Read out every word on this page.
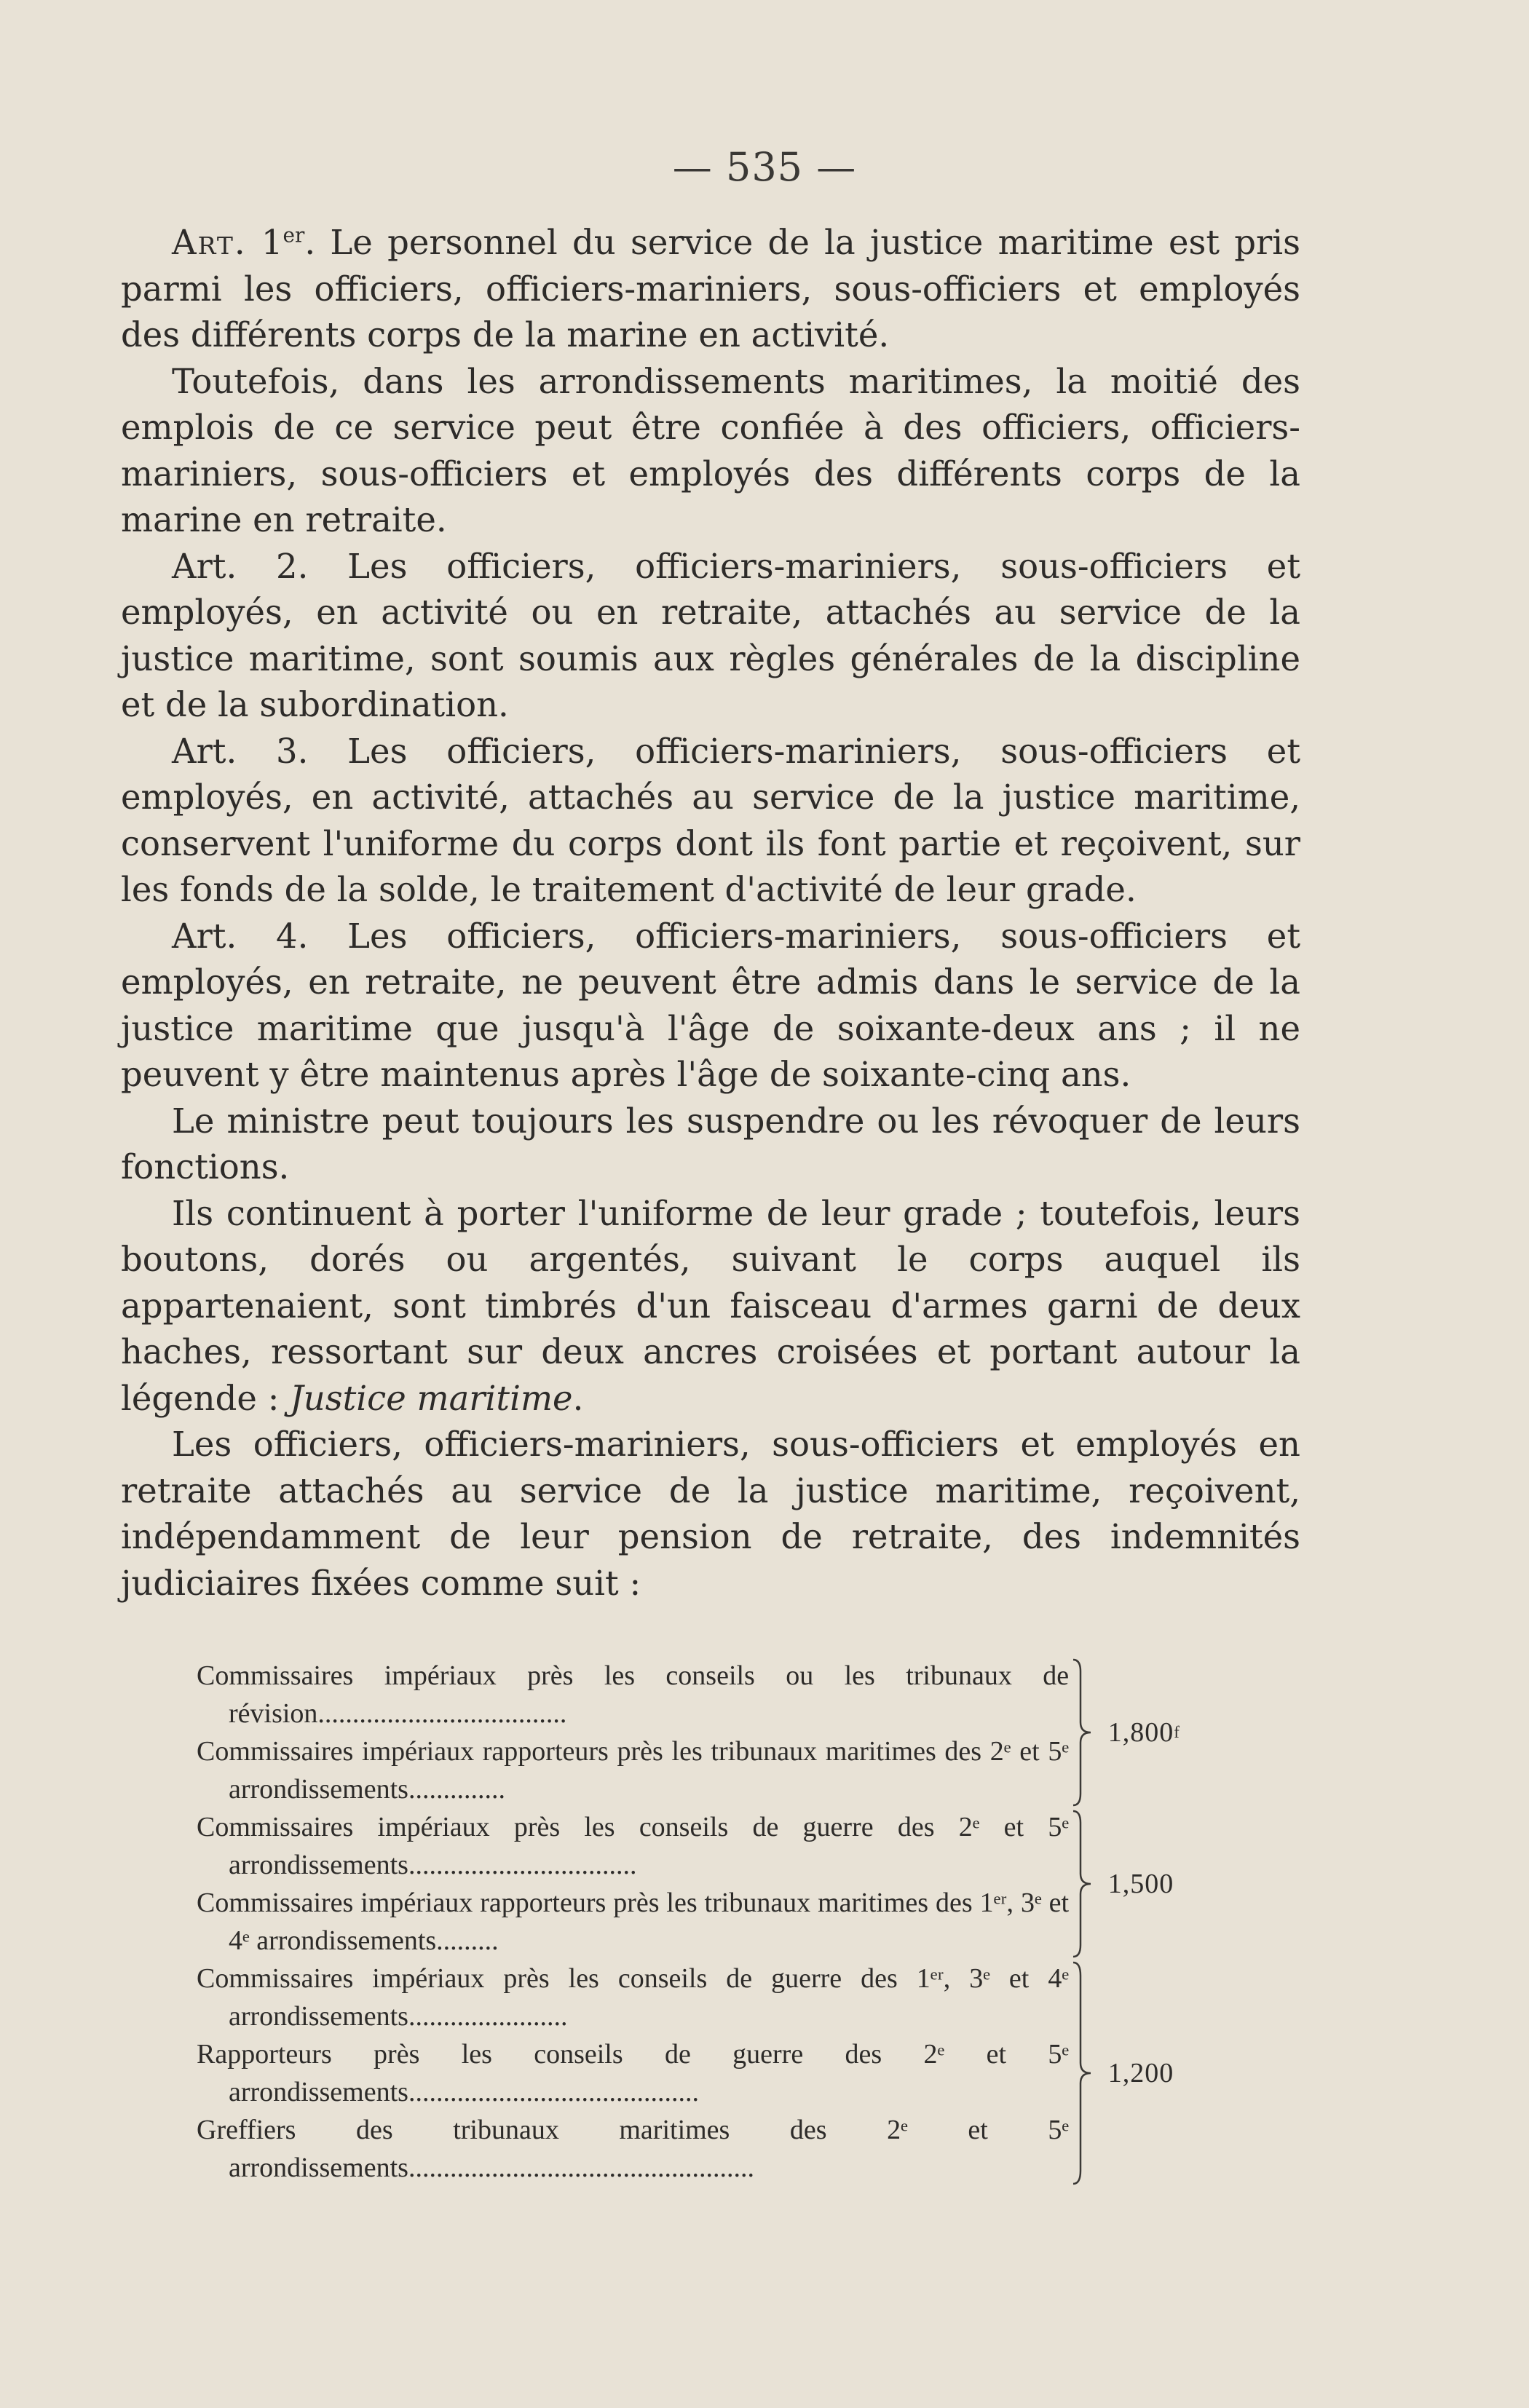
— 535 —

Art. 1er. Le personnel du service de la justice maritime est pris parmi les officiers, officiers-mariniers, sous-officiers et employés des différents corps de la marine en activité.

Toutefois, dans les arrondissements maritimes, la moitié des emplois de ce service peut être confiée à des officiers, officiers-mariniers, sous-officiers et employés des différents corps de la marine en retraite.

Art. 2. Les officiers, officiers-mariniers, sous-officiers et employés, en activité ou en retraite, attachés au service de la justice maritime, sont soumis aux règles générales de la discipline et de la subordination.

Art. 3. Les officiers, officiers-mariniers, sous-officiers et employés, en activité, attachés au service de la justice maritime, conservent l'uniforme du corps dont ils font partie et reçoivent, sur les fonds de la solde, le traitement d'activité de leur grade.

Art. 4. Les officiers, officiers-mariniers, sous-officiers et employés, en retraite, ne peuvent être admis dans le service de la justice maritime que jusqu'à l'âge de soixante-deux ans ; il ne peuvent y être maintenus après l'âge de soixante-cinq ans.

Le ministre peut toujours les suspendre ou les révoquer de leurs fonctions.

Ils continuent à porter l'uniforme de leur grade ; toutefois, leurs boutons, dorés ou argentés, suivant le corps auquel ils appartenaient, sont timbrés d'un faisceau d'armes garni de deux haches, ressortant sur deux ancres croisées et portant autour la légende : Justice maritime.

Les officiers, officiers-mariniers, sous-officiers et employés en retraite attachés au service de la justice maritime, reçoivent, indépendamment de leur pension de retraite, des indemnités judiciaires fixées comme suit :

Commissaires impériaux près les conseils ou les tribunaux de révision....................................

Commissaires impériaux rapporteurs près les tribunaux maritimes des 2ᵉ et 5ᵉ arrondissements..............

1,800 f

Commissaires impériaux près les conseils de guerre des 2ᵉ et 5ᵉ arrondissements.................................

Commissaires impériaux rapporteurs près les tribunaux maritimes des 1ᵉʳ, 3ᵉ et 4ᵉ arrondissements.........

1,500

Commissaires impériaux près les conseils de guerre des 1ᵉʳ, 3ᵉ et 4ᵉ arrondissements.......................

Rapporteurs près les conseils de guerre des 2ᵉ et 5ᵉ arrondissements..........................................

Greffiers des tribunaux maritimes des 2ᵉ et 5ᵉ arrondissements..................................................

1,200
